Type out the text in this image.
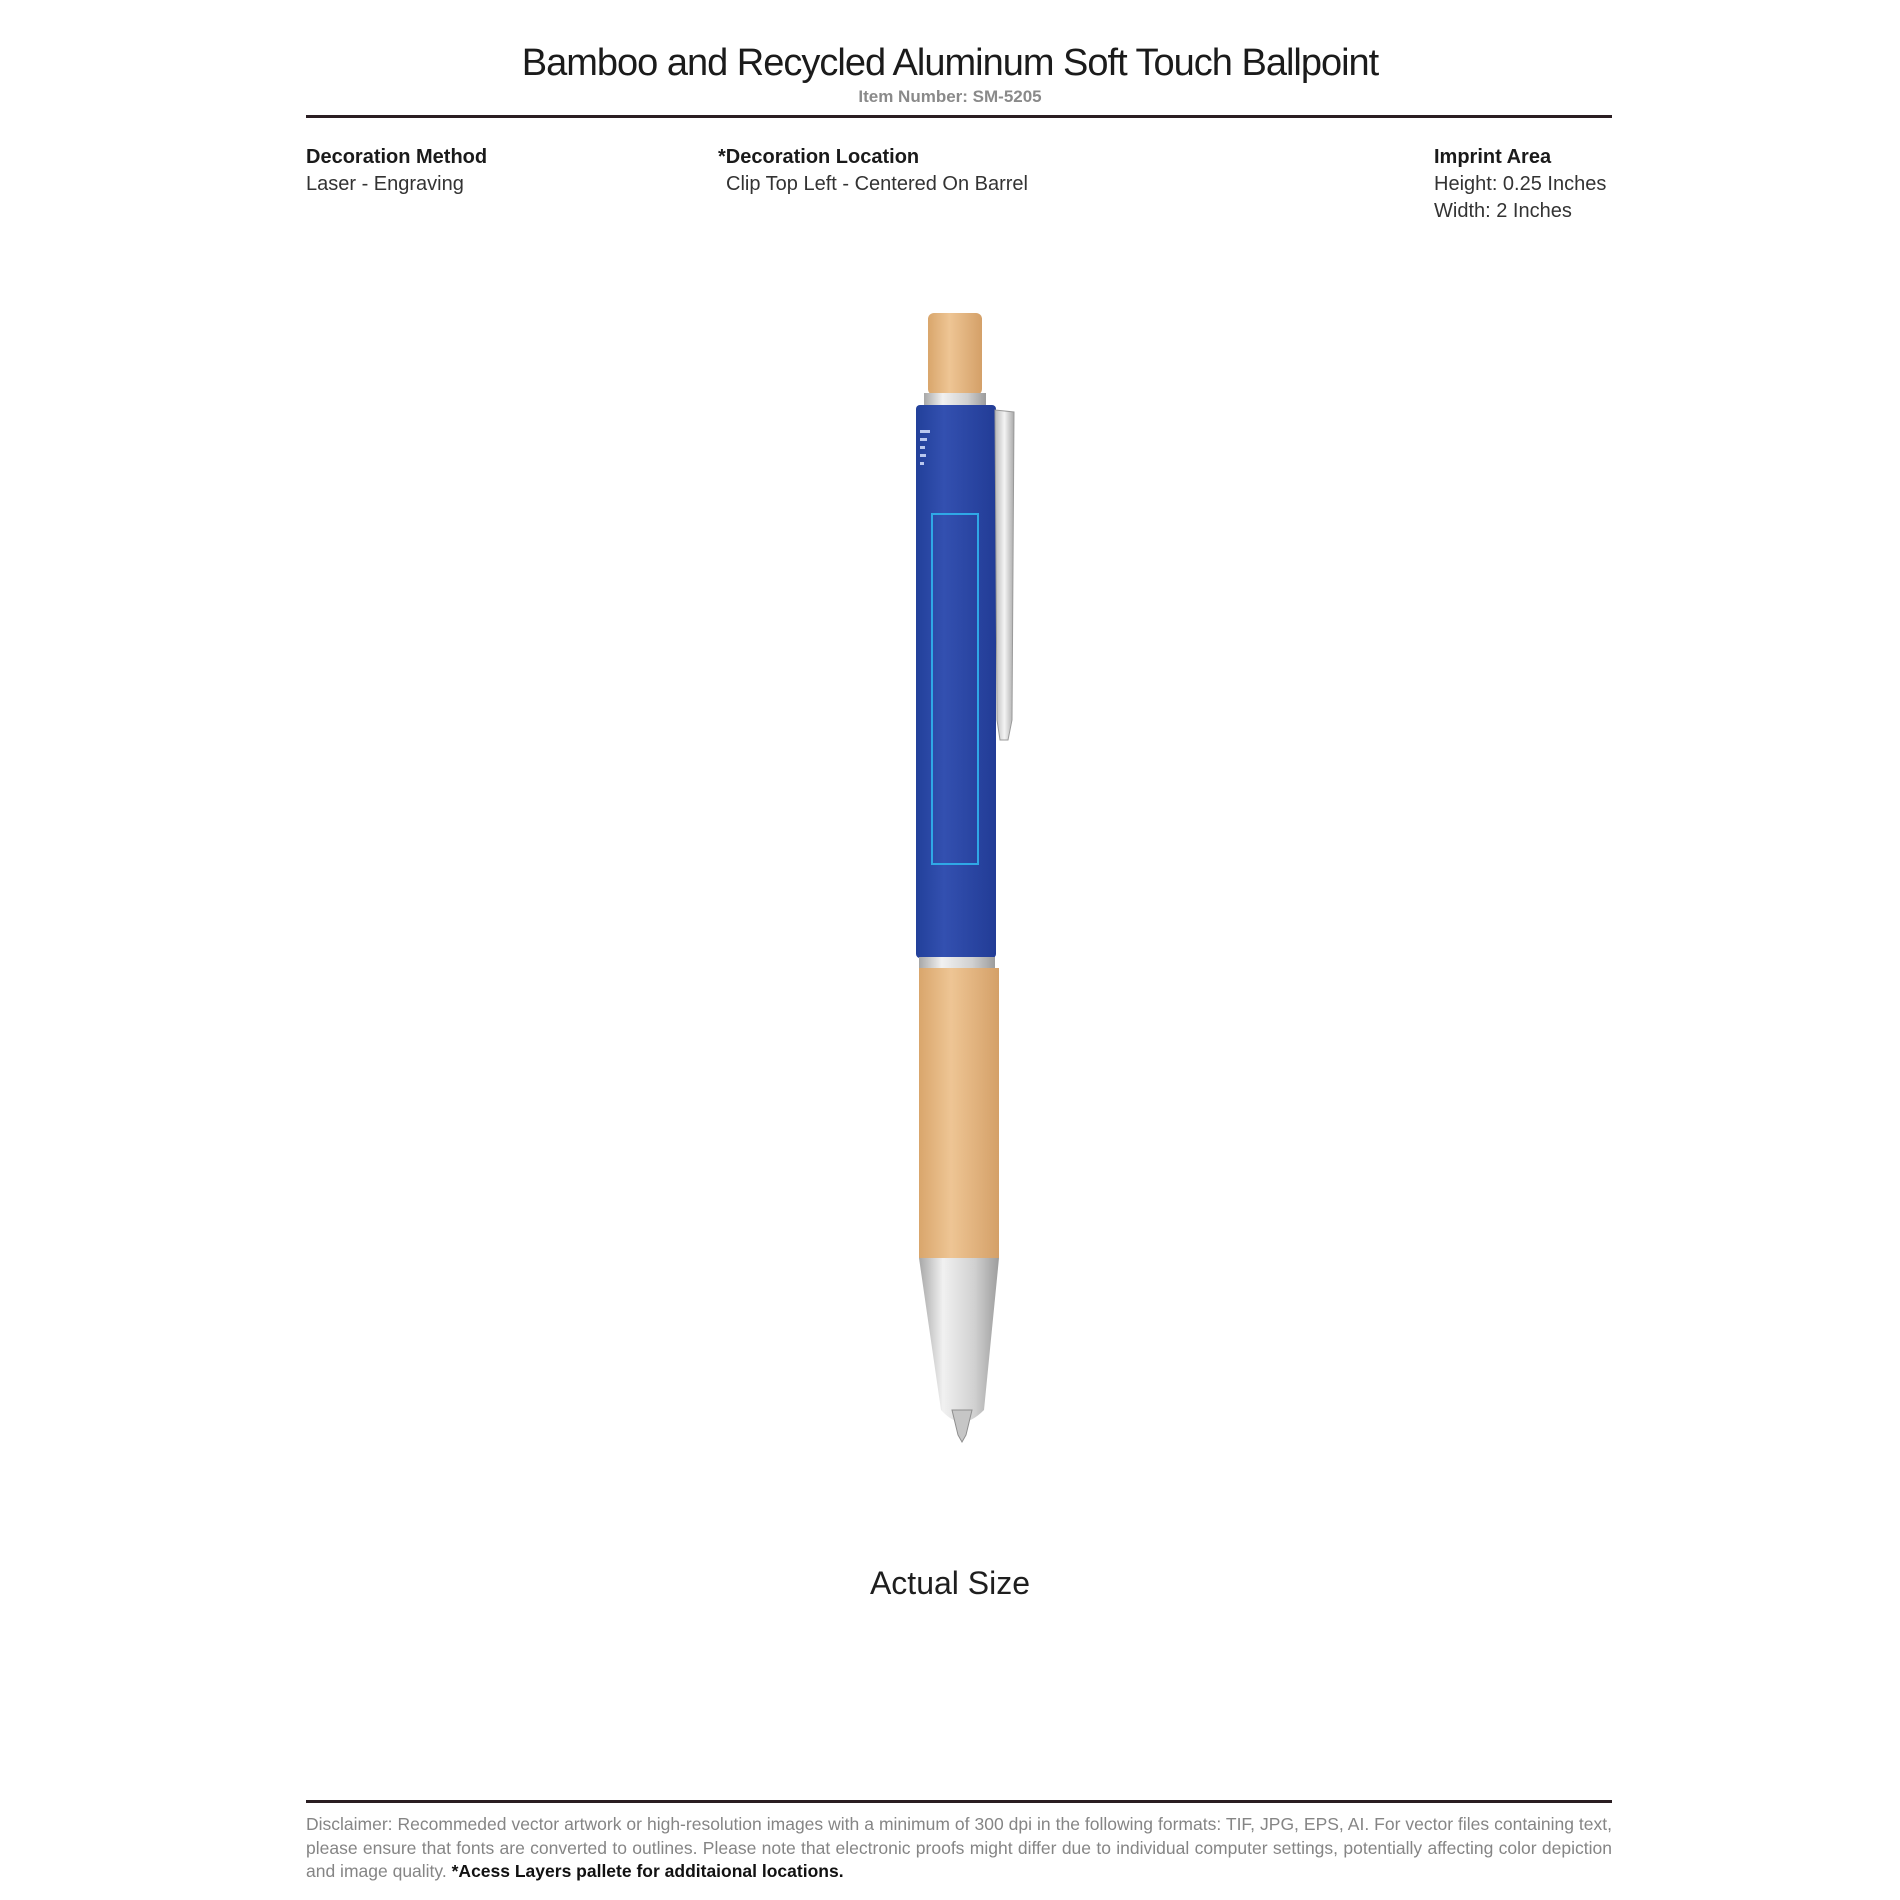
Bamboo and Recycled Aluminum Soft Touch Ballpoint
Item Number: SM-5205
Decoration Method
Laser - Engraving
*Decoration Location
Clip Top Left - Centered On Barrel
Imprint Area
Height: 0.25 Inches
Width: 2 Inches
Actual Size
Disclaimer: Recommeded vector artwork or high-resolution images with a minimum of 300 dpi in the following formats: TIF, JPG, EPS, AI. For vector files containing text, please ensure that fonts are converted to outlines. Please note that electronic proofs might differ due to individual computer settings, potentially affecting color depiction and image quality. *Acess Layers pallete for additaional locations.
